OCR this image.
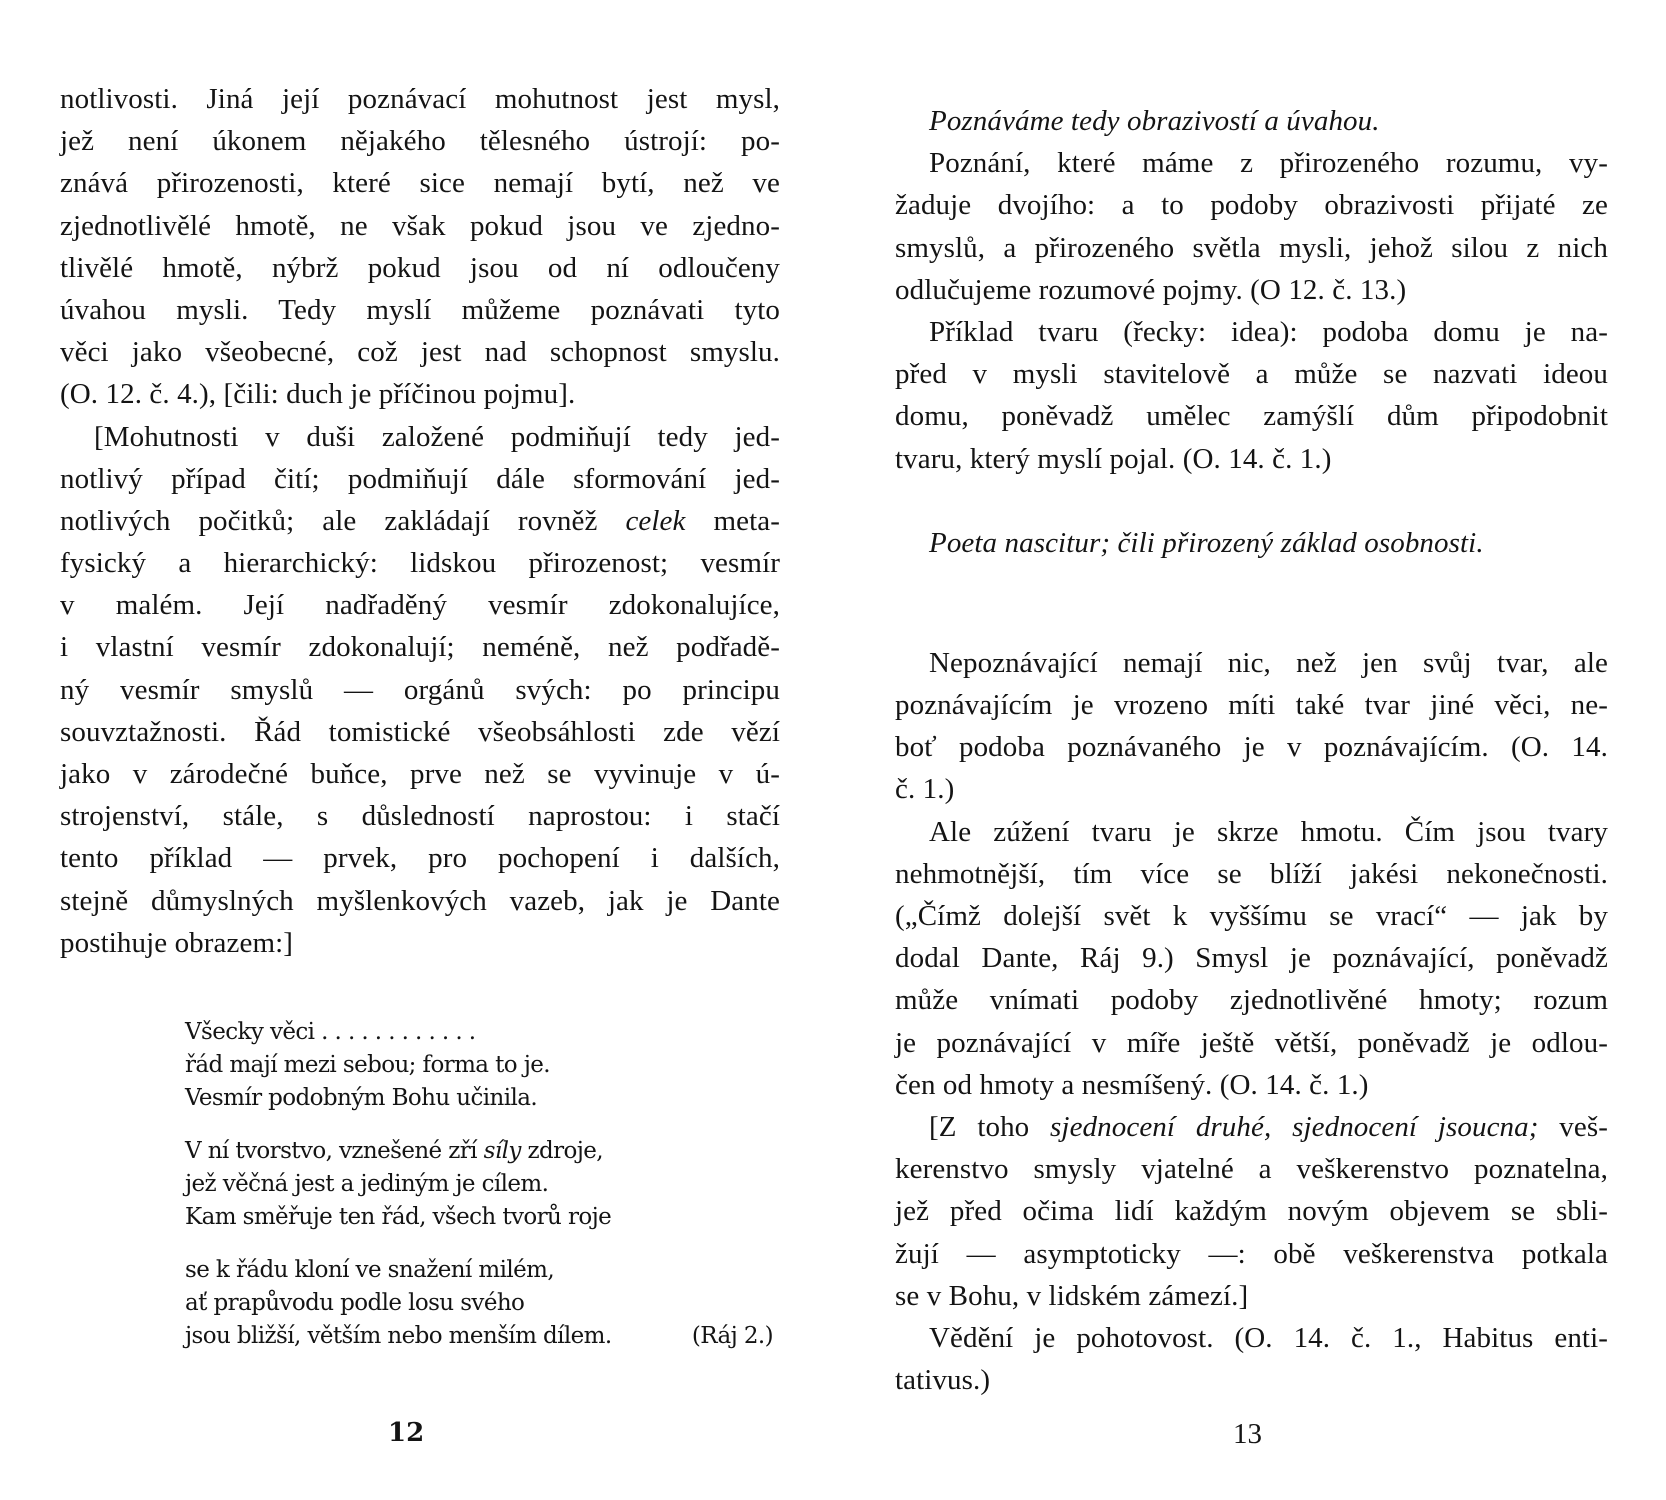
notlivosti. Jiná její poznávací mohutnost jest mysl,
jež není úkonem nějakého tělesného ústrojí: po-
znává přirozenosti, které sice nemají bytí, než ve
zjednotlivělé hmotě, ne však pokud jsou ve zjedno-
tlivělé hmotě, nýbrž pokud jsou od ní odloučeny
úvahou mysli. Tedy myslí můžeme poznávati tyto
věci jako všeobecné, což jest nad schopnost smyslu.
(O. 12. č. 4.), [čili: duch je příčinou pojmu].
[Mohutnosti v duši založené podmiňují tedy jed-
notlivý případ čití; podmiňují dále sformování jed-
notlivých počitků; ale zakládají rovněž celek meta-
fysický a hierarchický: lidskou přirozenost; vesmír
v malém. Její nadřaděný vesmír zdokonalujíce,
i vlastní vesmír zdokonalují; neméně, než podřadě-
ný vesmír smyslů — orgánů svých: po principu
souvztažnosti. Řád tomistické všeobsáhlosti zde vězí
jako v zárodečné buňce, prve než se vyvinuje v ú-
strojenství, stále, s důsledností naprostou: i stačí
tento příklad — prvek, pro pochopení i dalších,
stejně důmyslných myšlenkových vazeb, jak je Dante
postihuje obrazem:]
Všecky věci . . . . . . . . . . . .
řád mají mezi sebou; forma to je.
Vesmír podobným Bohu učinila.
V ní tvorstvo, vznešené zří síly zdroje,
jež věčná jest a jediným je cílem.
Kam směřuje ten řád, všech tvorů roje
se k řádu kloní ve snažení milém,
ať prapůvodu podle losu svého
jsou bližší, větším nebo menším dílem.	(Ráj 2.)
12
Poznáváme tedy obrazivostí a úvahou.
Poznání, které máme z přirozeného rozumu, vy-
žaduje dvojího: a to podoby obrazivosti přijaté ze
smyslů, a přirozeného světla mysli, jehož silou z nich
odlučujeme rozumové pojmy. (O 12. č. 13.)
Příklad tvaru (řecky: idea): podoba domu je na-
před v mysli stavitelově a může se nazvati ideou
domu, poněvadž umělec zamýšlí dům připodobnit
tvaru, který myslí pojal. (O. 14. č. 1.)
Poeta nascitur; čili přirozený základ osobnosti.
Nepoznávající nemají nic, než jen svůj tvar, ale
poznávajícím je vrozeno míti také tvar jiné věci, ne-
boť podoba poznávaného je v poznávajícím. (O. 14.
č. 1.)
Ale zúžení tvaru je skrze hmotu. Čím jsou tvary
nehmotnější, tím více se blíží jakési nekonečnosti.
(„Čímž dolejší svět k vyššímu se vrací“ — jak by
dodal Dante, Ráj 9.) Smysl je poznávající, poněvadž
může vnímati podoby zjednotlivěné hmoty; rozum
je poznávající v míře ještě větší, poněvadž je odlou-
čen od hmoty a nesmíšený. (O. 14. č. 1.)
[Z toho sjednocení druhé, sjednocení jsoucna; veš-
kerenstvo smysly vjatelné a veškerenstvo poznatelna,
jež před očima lidí každým novým objevem se sbli-
žují — asymptoticky —: obě veškerenstva potkala
se v Bohu, v lidském zámezí.]
Vědění je pohotovost. (O. 14. č. 1., Habitus enti-
tativus.)
13
